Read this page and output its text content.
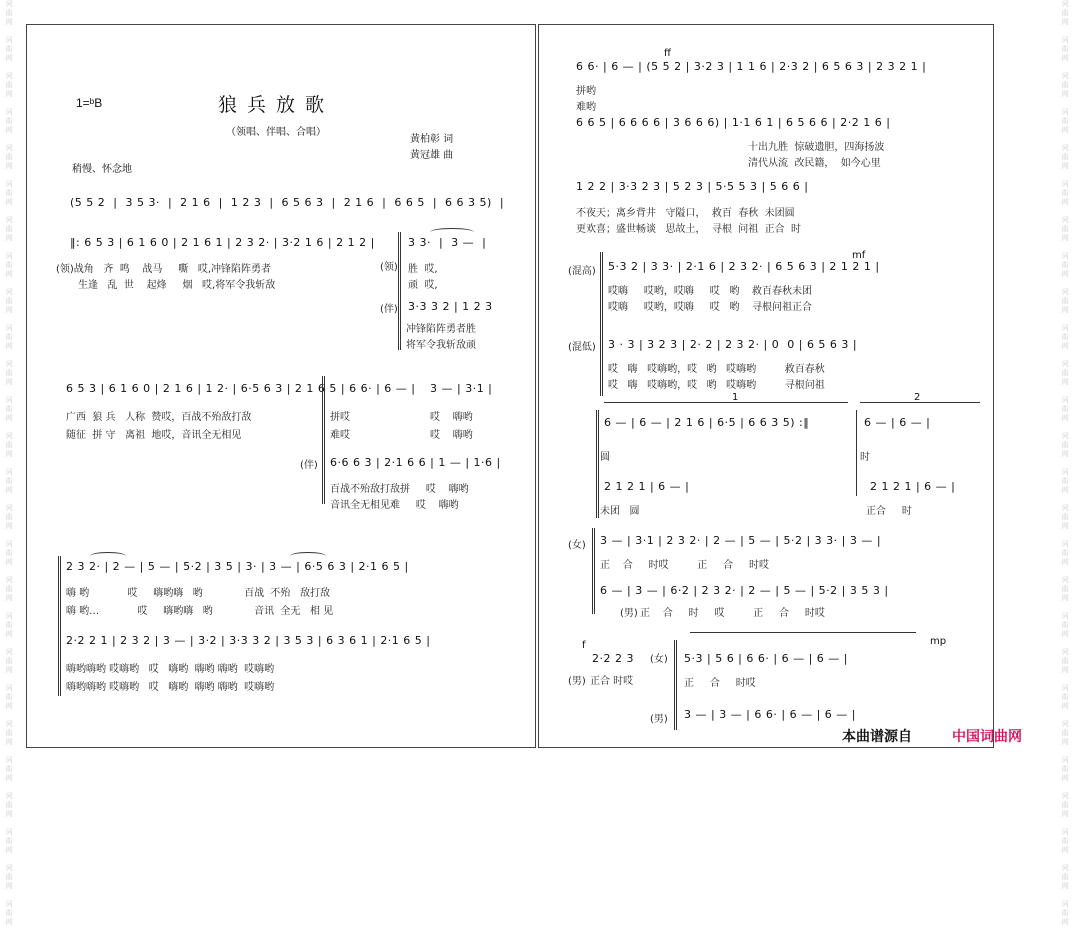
词
曲
网

词
曲
网

词
曲
网

词
曲
网

词
曲
网

词
曲
网

词
曲
网

词
曲
网

词
曲
网

词
曲
网

词
曲
网

词
曲
网

词
曲
网

词
曲
网

词
曲
网

词
曲
网

词
曲
网

词
曲
网

词
曲
网

词
曲
网

词
曲
网

词
曲
网

词
曲
网

词
曲
网

词
曲
网

词
曲
网

词
曲
网

词
曲
网

词
曲
网

词
曲
网

词
曲
网

词
曲
网

词
曲
网

词
曲
网

词
曲
网

词
曲
网

词
曲
网

词
曲
网

词
曲
网

词
曲
网

词
曲
网

词
曲
网

词
曲
网

词
曲
网

词
曲
网

词
曲
网

词
曲
网

词
曲
网

词
曲
网

词
曲
网

词
曲
网

词
曲
网

1=ᵇB	狼兵放歌
（领唱、伴唱、合唱）
黄柏彰 词
黄冠雄 曲
稍慢、怀念地
(5 5 2  |  3 5 3·  |  2 1 6  |  1 2 3  |  6 5 6 3  |  2 1 6  |  6 6 5  |  6 6 3 5)  |
‖: 6 5 3 | 6 1 6 0 | 2 1 6 1 | 2 3 2· | 3·2 1 6 | 2 1 2 |
(领)战角   齐  鸣    战马     嘶   哎,冲锋陷阵勇者
生逢   乱  世    起烽     烟   哎,将军令我斩敌
(领)
3 3·  |  3 —  |
胜  哎,
顽  哎,
(伴) 3·3 3 2 | 1 2 3
冲锋陷阵勇者胜
将军令我斩敌顽
6 5 3 | 6 1 6 0 | 2 1 6 | 1 2· | 6·5 6 3 | 2 1 6 5 | 6 6· | 6 — |
广西  狼 兵   人称  赞哎，百战不殆敌打敌
随征  拼 守   离祖  地哎，音讯全无相见
拼哎
难哎
3 — | 3·1 |
哎    嗨哟
哎    嗨哟
(伴) 6·6 6 3 | 2·1 6 6 | 1 — | 1·6 |
百战不殆敌打敌拼     哎    嗨哟
音讯全无相见难     哎    嗨哟
2 3 2· | 2 — | 5 — | 5·2 | 3 5 | 3· | 3 — | 6·5 6 3 | 2·1 6 5 |
嗨 哟            哎     嗨哟嗨   哟             百战  不殆   敌打敌
嗨 哟…            哎     嗨哟嗨   哟             音讯  全无   相 见
2·2 2 1 | 2 3 2 | 3 — | 3·2 | 3·3 3 2 | 3 5 3 | 6 3 6 1 | 2·1 6 5 |
嗨哟嗨哟 哎嗨哟   哎   嗨哟  嗨哟 嗨哟  哎嗨哟
嗨哟嗨哟 哎嗨哟   哎   嗨哟  嗨哟 嗨哟  哎嗨哟
ff
6 6· | 6 — | (5 5 2 | 3·2 3 | 1 1 6 | 2·3 2 | 6 5 6 3 | 2 3 2 1 |
拼哟
难哟
6 6 5 | 6 6 6 6 | 3 6 6 6) | 1·1 6 1 | 6 5 6 6 | 2·2 1 6 |
十出九胜  惊破遗胆，四海扬波
清代从流  改民籍，  如今心里
1 2 2 | 3·3 2 3 | 5 2 3 | 5·5 5 3 | 5 6 6 |
不夜天；离乡背井   守隘口，  救百  春秋  未团圆
更欢喜；盛世畅谈   思故土，  寻根  问祖  正合  时
(混高)
mf
5·3 2 | 3 3· | 2·1 6 | 2 3 2· | 6 5 6 3 | 2 1 2 1 |
哎嗨     哎哟，哎嗨     哎   哟    救百春秋未团
哎嗨     哎哟，哎嗨     哎   哟    寻根问祖正合
(混低) 3 · 3 | 3 2 3 | 2· 2 | 2 3 2· | 0  0 | 6 5 6 3 |
哎   嗨   哎嗨哟，哎   哟   哎嗨哟         救百春秋
哎   嗨   哎嗨哟，哎   哟   哎嗨哟         寻根问祖
1	2
6 — | 6 — | 2 1 6 | 6·5 | 6 6 3 5) :‖	6 — | 6 — |
圆	时
2 1 2 1 | 6 — |	2 1 2 1 | 6 — |
未团   圆	正合     时
(女) 3 — | 3·1 | 2 3 2· | 2 — | 5 — | 5·2 | 3 3· | 3 — |
正    合     时哎         正     合     时哎
6 — | 3 — | 6·2 | 2 3 2· | 2 — | 5 — | 5·2 | 3 5 3 |
(男) 正    合     时     哎         正     合     时哎
f	mp
2·2 2 3
(男) 正合 时哎
(女) 5·3 | 5 6 | 6 6· | 6 — | 6 — |
正     合     时哎
(男) 3 — | 3 — | 6 6· | 6 — | 6 — |
本曲谱源自	中国词曲网
